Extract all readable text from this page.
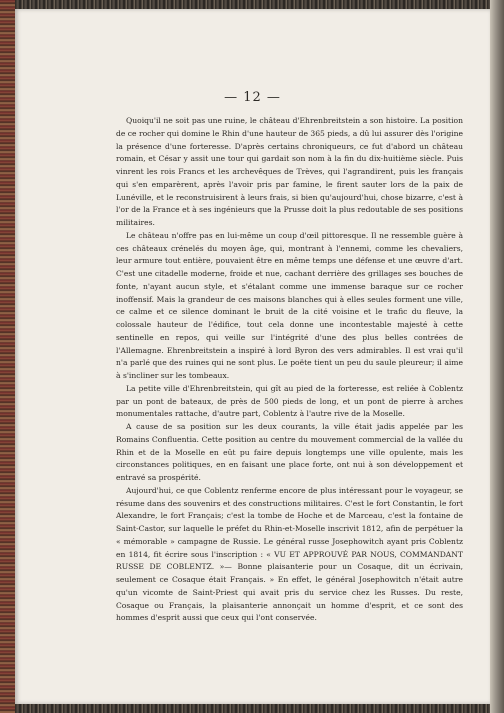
— 12 —

Quoiqu'il ne soit pas une ruine, le château d'Ehrenbreitstein a son histoire. La position de ce rocher qui domine le Rhin d'une hauteur de 365 pieds, a dû lui assurer dès l'origine la présence d'une forteresse. D'après certains chroniqueurs, ce fut d'abord un château romain, et César y assit une tour qui gardait son nom à la fin du dix-huitième siècle. Puis vinrent les rois Francs et les archevêques de Trèves, qui l'agrandirent, puis les français qui s'en emparèrent, après l'avoir pris par famine, le firent sauter lors de la paix de Lunéville, et le reconstruisirent à leurs frais, si bien qu'aujourd'hui, chose bizarre, c'est à l'or de la France et à ses ingénieurs que la Prusse doit la plus redoutable de ses positions militaires.

Le château n'offre pas en lui-même un coup d'œil pittoresque. Il ne ressemble guère à ces châteaux crénelés du moyen âge, qui, montrant à l'ennemi, comme les chevaliers, leur armure tout entière, pouvaient être en même temps une défense et une œuvre d'art. C'est une citadelle moderne, froide et nue, cachant derrière des grillages ses bouches de fonte, n'ayant aucun style, et s'étalant comme une immense baraque sur ce rocher inoffensif. Mais la grandeur de ces maisons blanches qui à elles seules forment une ville, ce calme et ce silence dominant le bruit de la cité voisine et le trafic du fleuve, la colossale hauteur de l'édifice, tout cela donne une incontestable majesté à cette sentinelle en repos, qui veille sur l'intégrité d'une des plus belles contrées de l'Allemagne. Ehrenbreitstein a inspiré à lord Byron des vers admirables. Il est vrai qu'il n'a parlé que des ruines qui ne sont plus. Le poëte tient un peu du saule pleureur; il aime à s'incliner sur les tombeaux.

La petite ville d'Ehrenbreitstein, qui gît au pied de la forteresse, est reliée à Coblentz par un pont de bateaux, de près de 500 pieds de long, et un pont de pierre à arches monumentales rattache, d'autre part, Coblentz à l'autre rive de la Moselle.

A cause de sa position sur les deux courants, la ville était jadis appelée par les Romains Confluentia. Cette position au centre du mouvement commercial de la vallée du Rhin et de la Moselle en eût pu faire depuis longtemps une ville opulente, mais les circonstances politiques, en en faisant une place forte, ont nui à son développement et entravé sa prospérité.

Aujourd'hui, ce que Coblentz renferme encore de plus intéressant pour le voyageur, se résume dans des souvenirs et des constructions militaires. C'est le fort Constantin, le fort Alexandre, le fort Français; c'est la tombe de Hoche et de Marceau, c'est la fontaine de Saint-Castor, sur laquelle le préfet du Rhin-et-Moselle inscrivit 1812, afin de perpétuer la « mémorable » campagne de Russie. Le général russe Josephowitch ayant pris Coblentz en 1814, fit écrire sous l'inscription : « VU ET APPROUVÉ PAR NOUS, COMMANDANT RUSSE DE COBLENTZ. »— Bonne plaisanterie pour un Cosaque, dit un écrivain, seulement ce Cosaque était Français. » En effet, le général Josephowitch n'était autre qu'un vicomte de Saint-Priest qui avait pris du service chez les Russes. Du reste, Cosaque ou Français, la plaisanterie annonçait un homme d'esprit, et ce sont des hommes d'esprit aussi que ceux qui l'ont conservée.
